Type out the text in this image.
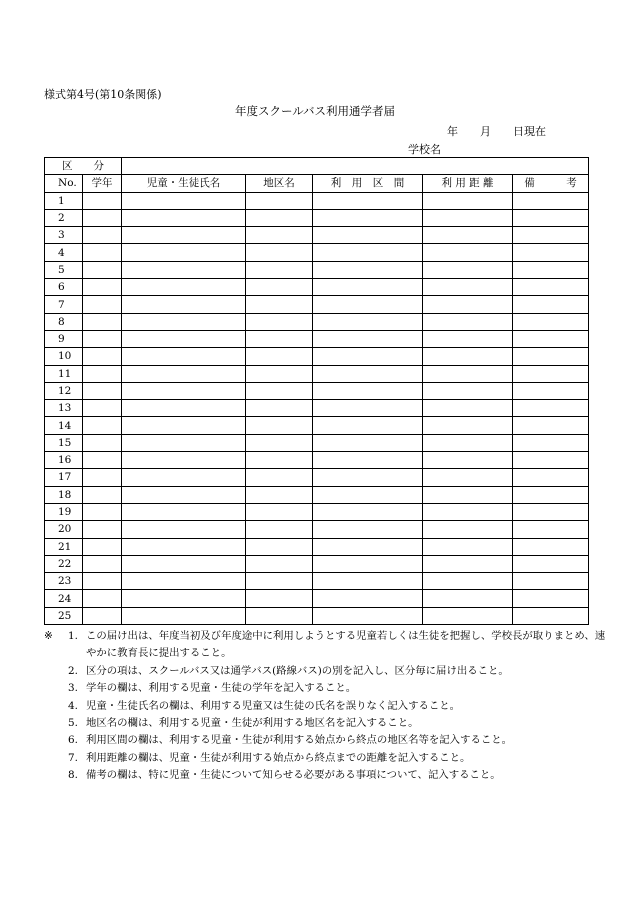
様式第4号(第10条関係)
年度スクールバス利用通学者届
年　　月　　日現在
学校名
区　　分						
No.	学年	児童・生徒氏名	地区名	利　用　区　間	利 用 距 離	備　　　考
1						
2						
3						
4						
5						
6						
7						
8						
9						
10						
11						
12						
13						
14						
15						
16						
17						
18						
19						
20						
21						
22						
23						
24						
25						
※ 1. この届け出は、年度当初及び年度途中に利用しようとする児童若しくは生徒を把握し、学校長が取りまとめ、速やかに教育長に提出すること。
2. 区分の項は、スクールバス又は通学バス(路線バス)の別を記入し、区分毎に届け出ること。
3. 学年の欄は、利用する児童・生徒の学年を記入すること。
4. 児童・生徒氏名の欄は、利用する児童又は生徒の氏名を誤りなく記入すること。
5. 地区名の欄は、利用する児童・生徒が利用する地区名を記入すること。
6. 利用区間の欄は、利用する児童・生徒が利用する始点から終点の地区名等を記入すること。
7. 利用距離の欄は、児童・生徒が利用する始点から終点までの距離を記入すること。
8. 備考の欄は、特に児童・生徒について知らせる必要がある事項について、記入すること。
